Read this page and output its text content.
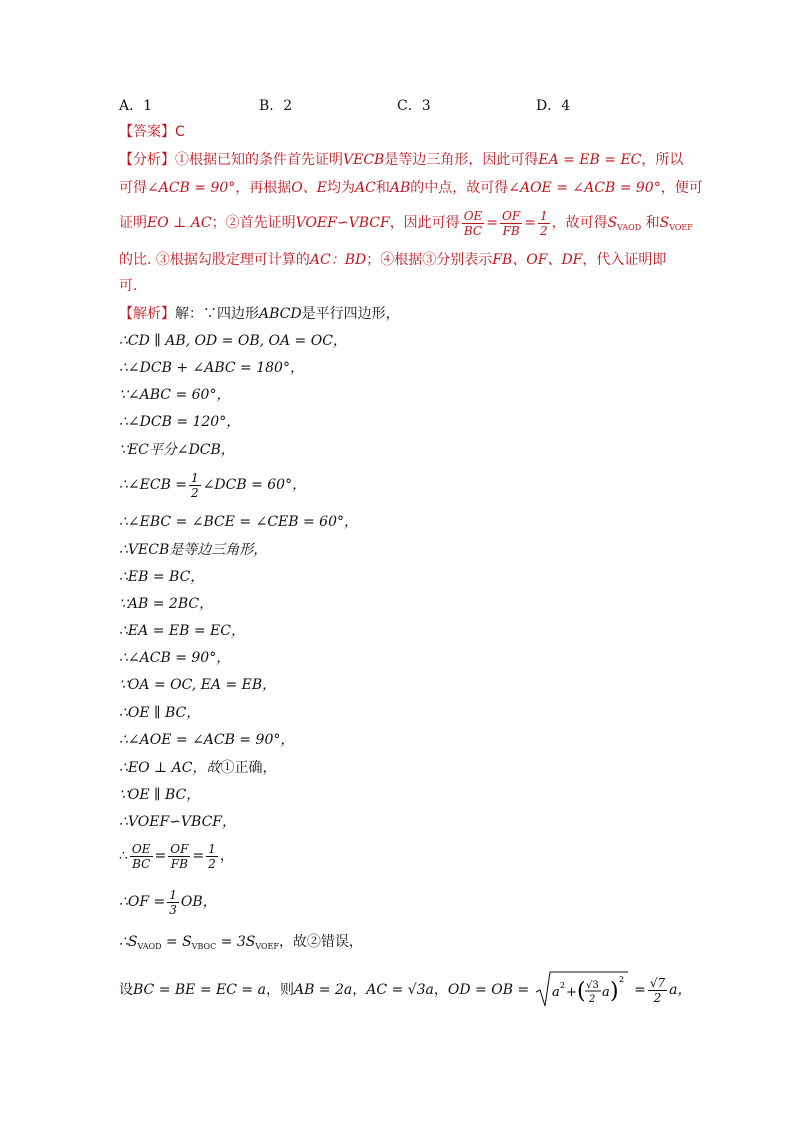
A．1	B．2	C．3	D．4
【答案】C
【分析】①根据已知的条件首先证明VECB是等边三角形，因此可得EA = EB = EC，所以
可得∠ACB = 90°，再根据O、E均为AC和AB的中点，故可得∠AOE = ∠ACB = 90°，便可
证明EO ⊥ AC；②首先证明VOEF∽VBCF，因此可得 $\frac{OE}{BC} = \frac{OF}{FB} = \frac{1}{2}$ ，故可得$S_{VAOD}$ 和$S_{VOEF}$
的比. ③根据勾股定理可计算的AC：BD；④根据③分别表示FB、OF、DF，代入证明即
可.
【解析】解：∵四边形ABCD是平行四边形，
∴CD ∥ AB, OD = OB, OA = OC，
∴∠DCB + ∠ABC = 180°，
∵∠ABC = 60°，
∴∠DCB = 120°，
∵EC平分∠DCB，
∴∠ECB = $\frac{1}{2}$ ∠DCB = 60°，
∴∠EBC = ∠BCE = ∠CEB = 60°，
∴VECB是等边三角形，
∴EB = BC，
∵AB = 2BC，
∴EA = EB = EC，
∴∠ACB = 90°，
∵OA = OC, EA = EB，
∴OE ∥ BC，
∴∠AOE = ∠ACB = 90°，
∴EO ⊥ AC，故①正确，
∵OE ∥ BC，
∴VOEF∽VBCF，
∴ $\frac{OE}{BC} = \frac{OF}{FB} = \frac{1}{2}$ ，
∴OF = $\frac{1}{3}$ OB，
$\therefore S_{VAOD} = S_{VBOC} = 3S_{VOEF}$，故②错误，
设BC = BE = EC = a，则AB = 2a，AC = √3a，OD = OB = a 2 + ( √3
2 a ) 2
= $\frac{√7}{2}$ a，
